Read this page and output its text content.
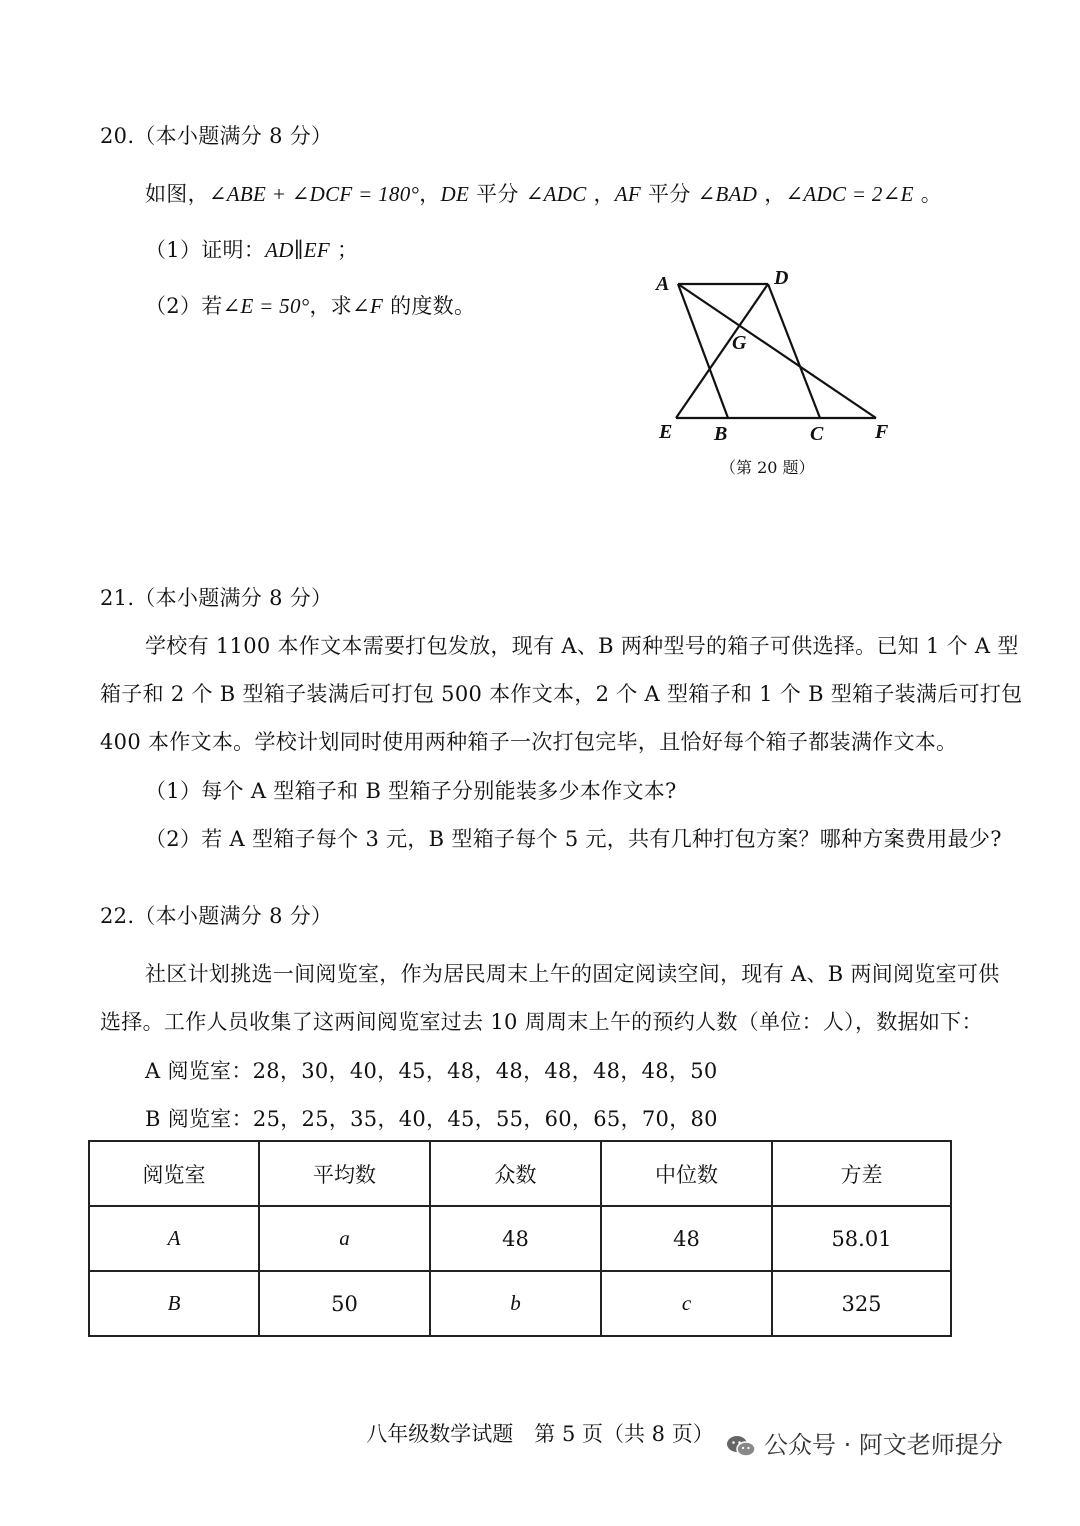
20.（本小题满分 8 分）
如图，∠ABE + ∠DCF = 180°，DE 平分 ∠ADC ，AF 平分 ∠BAD ，∠ADC = 2∠E 。
（1）证明：AD∥EF ；
（2）若∠E = 50°，求∠F 的度数。
A	D
G
E B	C	F
（第 20 题）
21.（本小题满分 8 分）
学校有 1100 本作文本需要打包发放，现有 A、B 两种型号的箱子可供选择。已知 1 个 A 型
箱子和 2 个 B 型箱子装满后可打包 500 本作文本，2 个 A 型箱子和 1 个 B 型箱子装满后可打包
400 本作文本。学校计划同时使用两种箱子一次打包完毕，且恰好每个箱子都装满作文本。
（1）每个 A 型箱子和 B 型箱子分别能装多少本作文本?
（2）若 A 型箱子每个 3 元，B 型箱子每个 5 元，共有几种打包方案？哪种方案费用最少?
22.（本小题满分 8 分）
社区计划挑选一间阅览室，作为居民周末上午的固定阅读空间，现有 A、B 两间阅览室可供
选择。工作人员收集了这两间阅览室过去 10 周周末上午的预约人数（单位：人），数据如下：
A 阅览室：28，30，40，45，48，48，48，48，48，50
B 阅览室：25，25，35，40，45，55，60，65，70，80
阅览室	平均数	众数	中位数	方差
A	a	48	48	58.01
B	50	b	c	325
八年级数学试题　第 5 页（共 8 页）	公众号 · 阿文老师提分
